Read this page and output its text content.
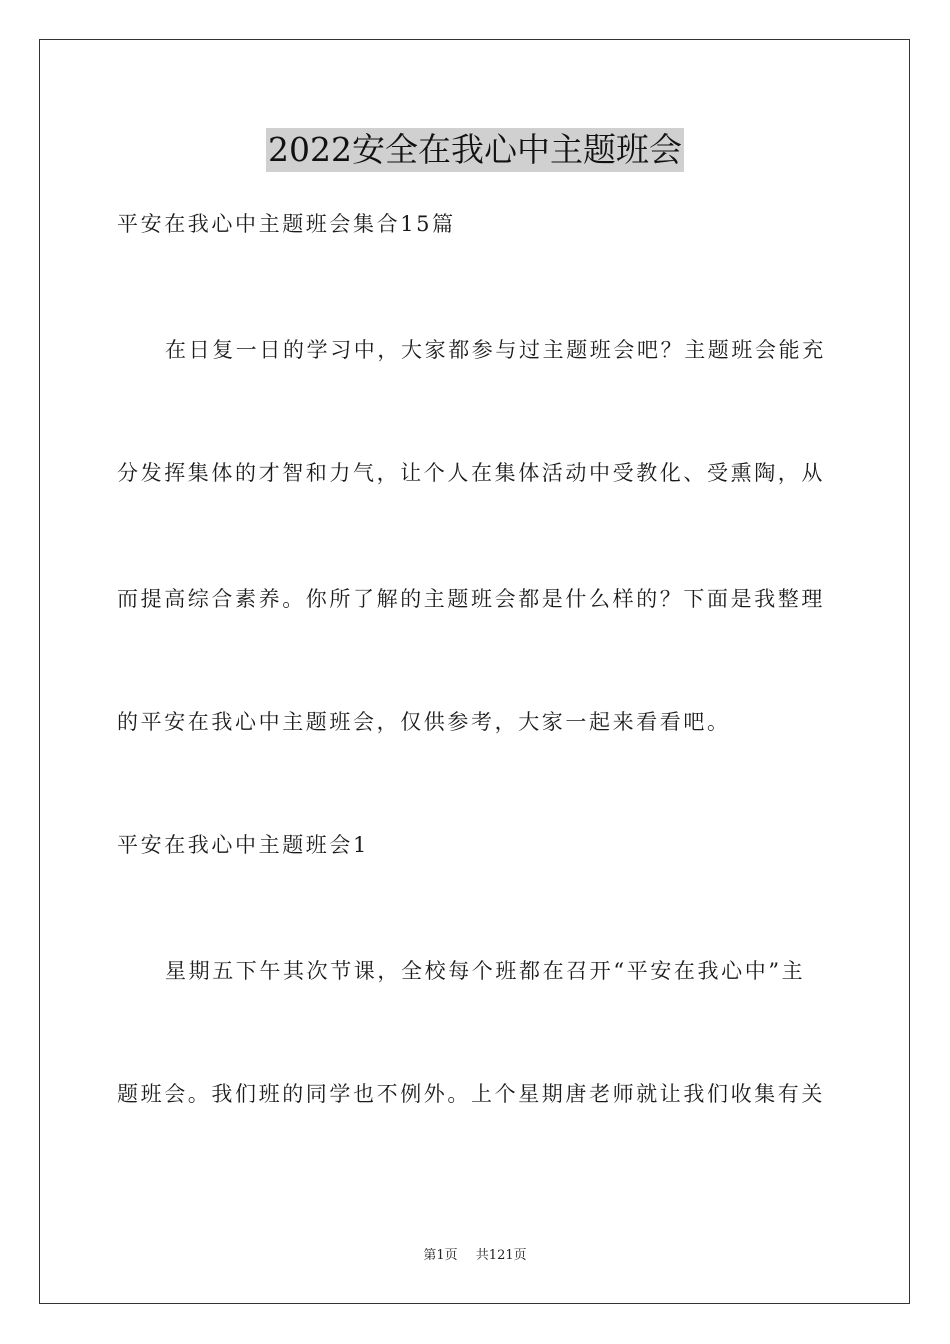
2022安全在我心中主题班会
平安在我心中主题班会集合15篇
在日复一日的学习中，大家都参与过主题班会吧？主题班会能充
分发挥集体的才智和力气，让个人在集体活动中受教化、受熏陶，从
而提高综合素养。你所了解的主题班会都是什么样的？下面是我整理
的平安在我心中主题班会，仅供参考，大家一起来看看吧。
平安在我心中主题班会1
星期五下午其次节课，全校每个班都在召开“平安在我心中”主
题班会。我们班的同学也不例外。上个星期唐老师就让我们收集有关
第1页 共121页
